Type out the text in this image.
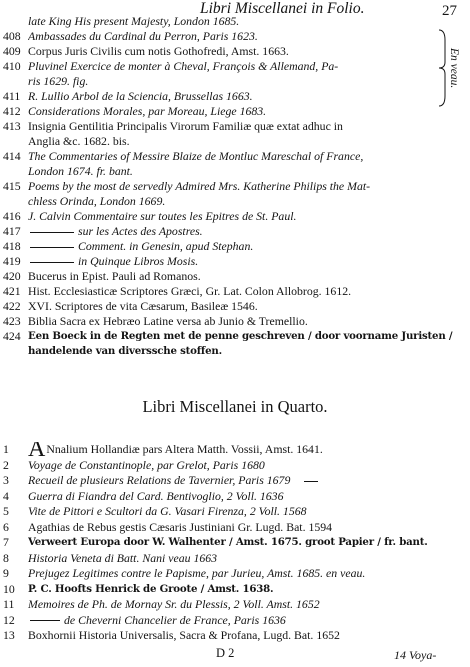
Libri Miscellanei in Folio.	27
En veau.
late King His present Majesty, London 1685.
408 Ambassades du Cardinal du Perron, Paris 1623.
409 Corpus Juris Civilis cum notis Gothofredi, Amst. 1663.
410 Pluvinel Exercice de monter à Cheval, François & Allemand, Pa-
ris 1629. fig.
411 R. Lullio Arbol de la Sciencia, Brussellas 1663.
412 Considerations Morales, par Moreau, Liege 1683.
413 Insignia Gentilitia Principalis Virorum Familiæ quæ extat adhuc in
Anglia &c. 1682. bis.
414 The Commentaries of Messire Blaize de Montluc Mareschal of France,
London 1674. fr. bant.
415 Poems by the most de servedly Admired Mrs. Katherine Philips the Mat-
chless Orinda, London 1669.
416 J. Calvin Commentaire sur toutes les Epitres de St. Paul.
417	sur les Actes des Apostres.
418	Comment. in Genesin, apud Stephan.
419	in Quinque Libros Mosis.
420 Bucerus in Epist. Pauli ad Romanos.
421 Hist. Ecclesiasticæ Scriptores Græci, Gr. Lat. Colon Allobrog. 1612.
422 XVI. Scriptores de vita Cæsarum, Basileæ 1546.
423 Biblia Sacra ex Hebræo Latine versa ab Junio & Tremellio.
424 Een Boeck in de Regten met de penne geschreven / door voorname Juristen /
handelende van diverssche stoffen.
Libri Miscellanei in Quarto.
1 ANnalium Hollandiæ pars Altera Matth. Vossii, Amst. 1641.
2	Voyage de Constantinople, par Grelot, Paris 1680
3	Recueil de plusieurs Relations de Tavernier, Paris 1679
4	Guerra di Fiandra del Card. Bentivoglio, 2 Voll. 1636
5	Vite de Pittori e Scultori da G. Vasari Firenza, 2 Voll. 1568
6	Agathias de Rebus gestis Cæsaris Justiniani Gr. Lugd. Bat. 1594
7	Verweert Europa door W. Walhenter / Amst. 1675. groot Papier / fr. bant.
8	Historia Veneta di Batt. Nani veau 1663
9	Prejugez Legitimes contre le Papisme, par Jurieu, Amst. 1685. en veau.
10	P. C. Hoofts Henrick de Groote / Amst. 1638.
11	Memoires de Ph. de Mornay Sr. du Plessis, 2 Voll. Amst. 1652
12	de Cheverni Chancelier de France, Paris 1636
13	Boxhornii Historia Universalis, Sacra & Profana, Lugd. Bat. 1652
D 2	14 Voya-
